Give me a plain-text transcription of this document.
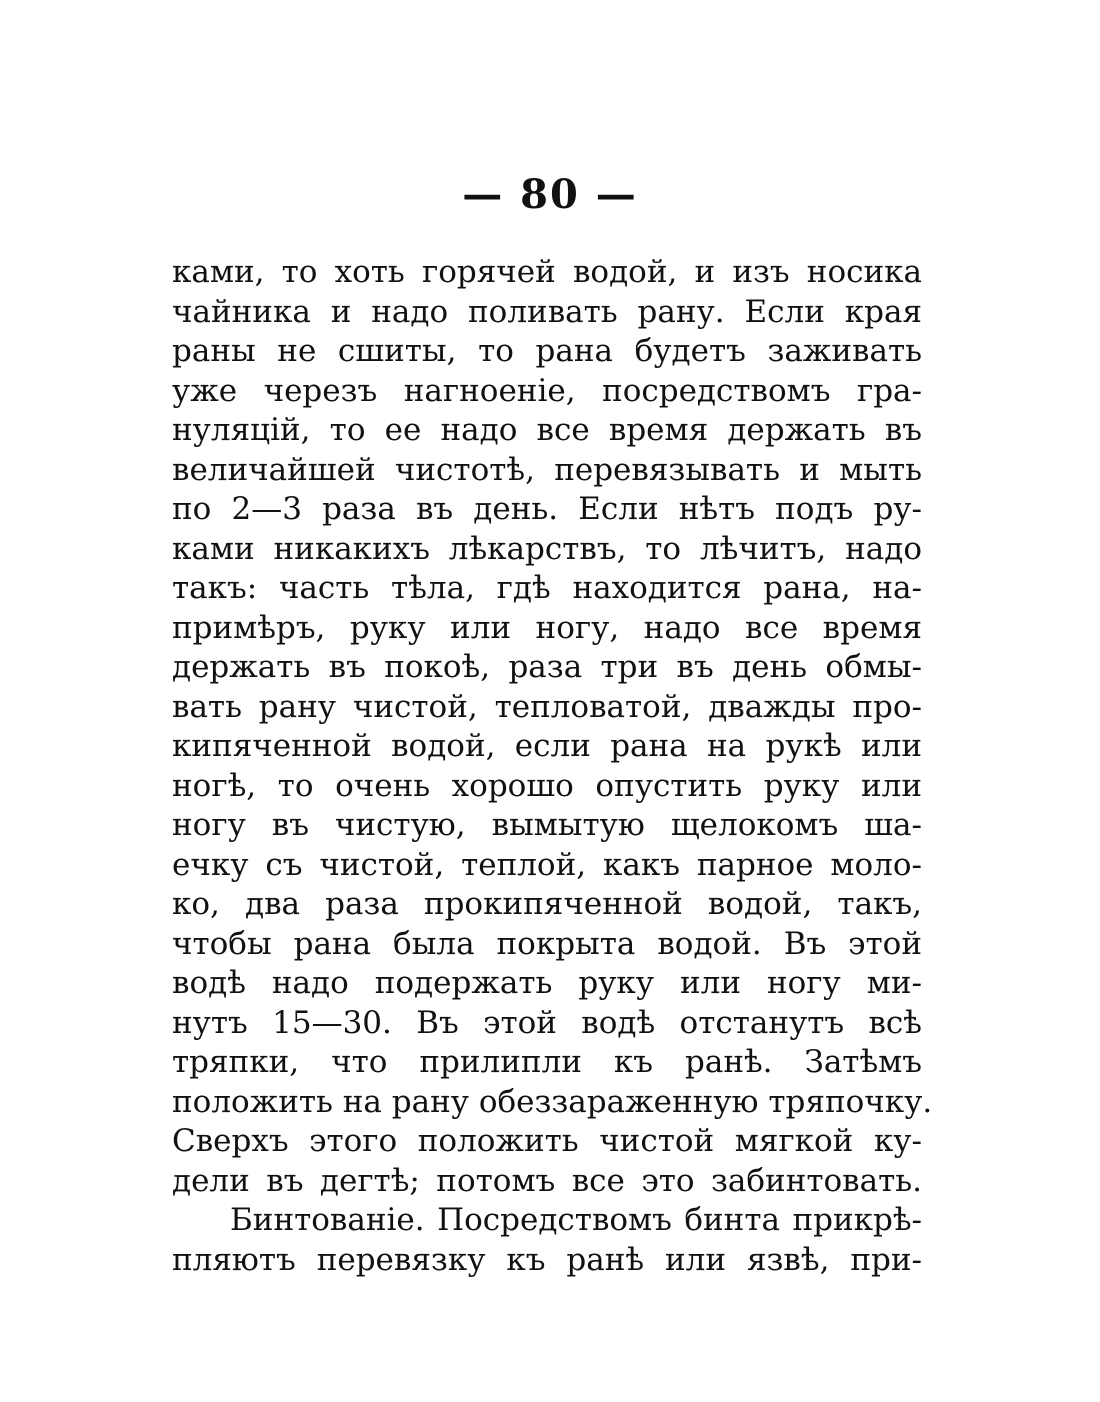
— 80 —
ками, то хоть горячей водой, и изъ носика
чайника и надо поливать рану. Если края
раны не сшиты, то рана будетъ заживать
уже черезъ нагноеніе, посредствомъ гра-
нуляцій, то ее надо все время держать въ
величайшей чистотѣ, перевязывать и мыть
по 2—3 раза въ день. Если нѣтъ подъ ру-
ками никакихъ лѣкарствъ, то лѣчитъ, надо
такъ: часть тѣла, гдѣ находится рана, на-
примѣръ, руку или ногу, надо все время
держать въ покоѣ, раза три въ день обмы-
вать рану чистой, тепловатой, дважды про-
кипяченной водой, если рана на рукѣ или
ногѣ, то очень хорошо опустить руку или
ногу въ чистую, вымытую щелокомъ ша-
ечку съ чистой, теплой, какъ парное моло-
ко, два раза прокипяченной водой, такъ,
чтобы рана была покрыта водой. Въ этой
водѣ надо подержать руку или ногу ми-
нутъ 15—30. Въ этой водѣ отстанутъ всѣ
тряпки, что прилипли къ ранѣ. Затѣмъ
положить на рану обеззараженную тряпочку.
Сверхъ этого положить чистой мягкой ку-
дели въ дегтѣ; потомъ все это забинтовать.
Бинтованіе. Посредствомъ бинта прикрѣ-
пляютъ перевязку къ ранѣ или язвѣ, при-
